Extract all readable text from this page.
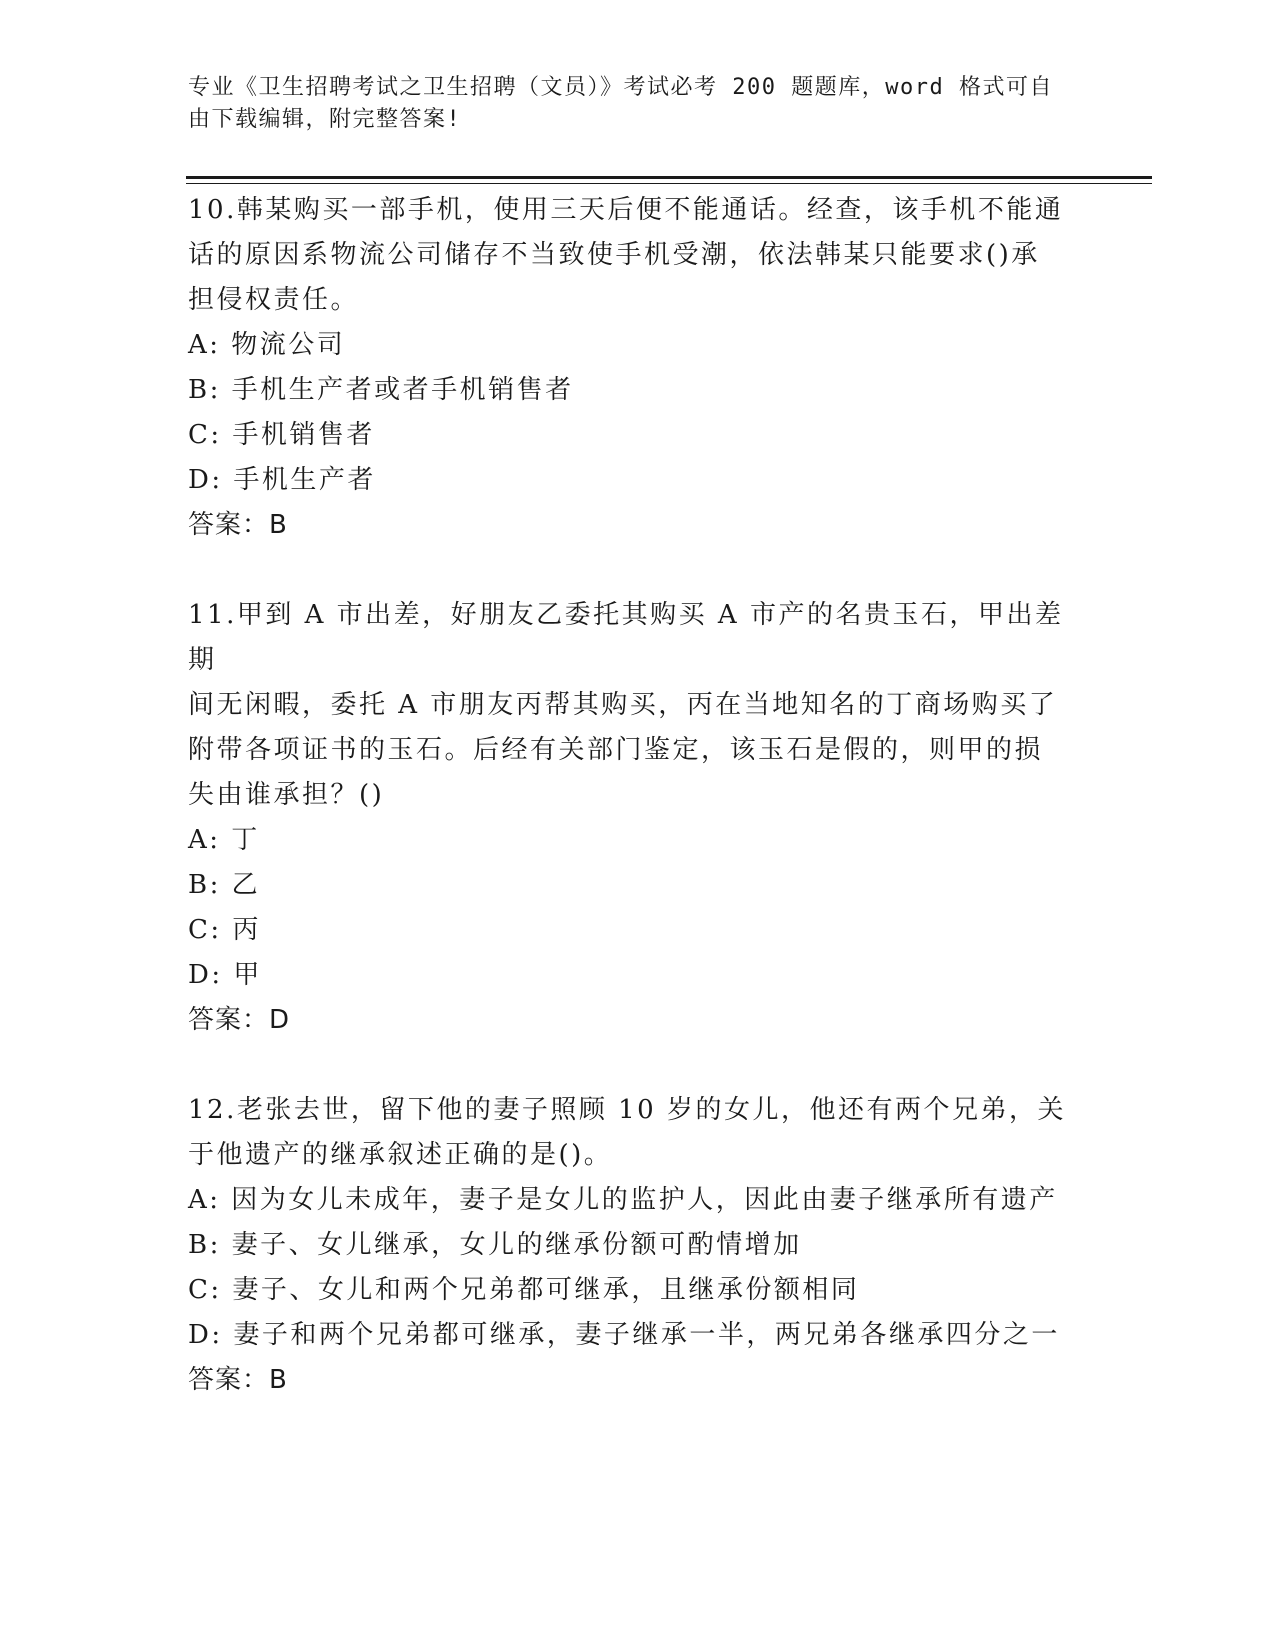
专业《卫生招聘考试之卫生招聘（文员）》考试必考 200 题题库，word 格式可自
由下载编辑，附完整答案!

10.韩某购买一部手机，使用三天后便不能通话。经查，该手机不能通

话的原因系物流公司储存不当致使手机受潮，依法韩某只能要求()承

担侵权责任。

A: 物流公司

B: 手机生产者或者手机销售者

C: 手机销售者

D: 手机生产者

答案：B

11.甲到 A 市出差，好朋友乙委托其购买 A 市产的名贵玉石，甲出差期

间无闲暇，委托 A 市朋友丙帮其购买，丙在当地知名的丁商场购买了

附带各项证书的玉石。后经有关部门鉴定，该玉石是假的，则甲的损

失由谁承担？()

A: 丁

B: 乙

C: 丙

D: 甲

答案：D

12.老张去世，留下他的妻子照顾 10 岁的女儿，他还有两个兄弟，关

于他遗产的继承叙述正确的是()。

A: 因为女儿未成年，妻子是女儿的监护人，因此由妻子继承所有遗产

B: 妻子、女儿继承，女儿的继承份额可酌情增加

C: 妻子、女儿和两个兄弟都可继承，且继承份额相同

D: 妻子和两个兄弟都可继承，妻子继承一半，两兄弟各继承四分之一

答案：B
